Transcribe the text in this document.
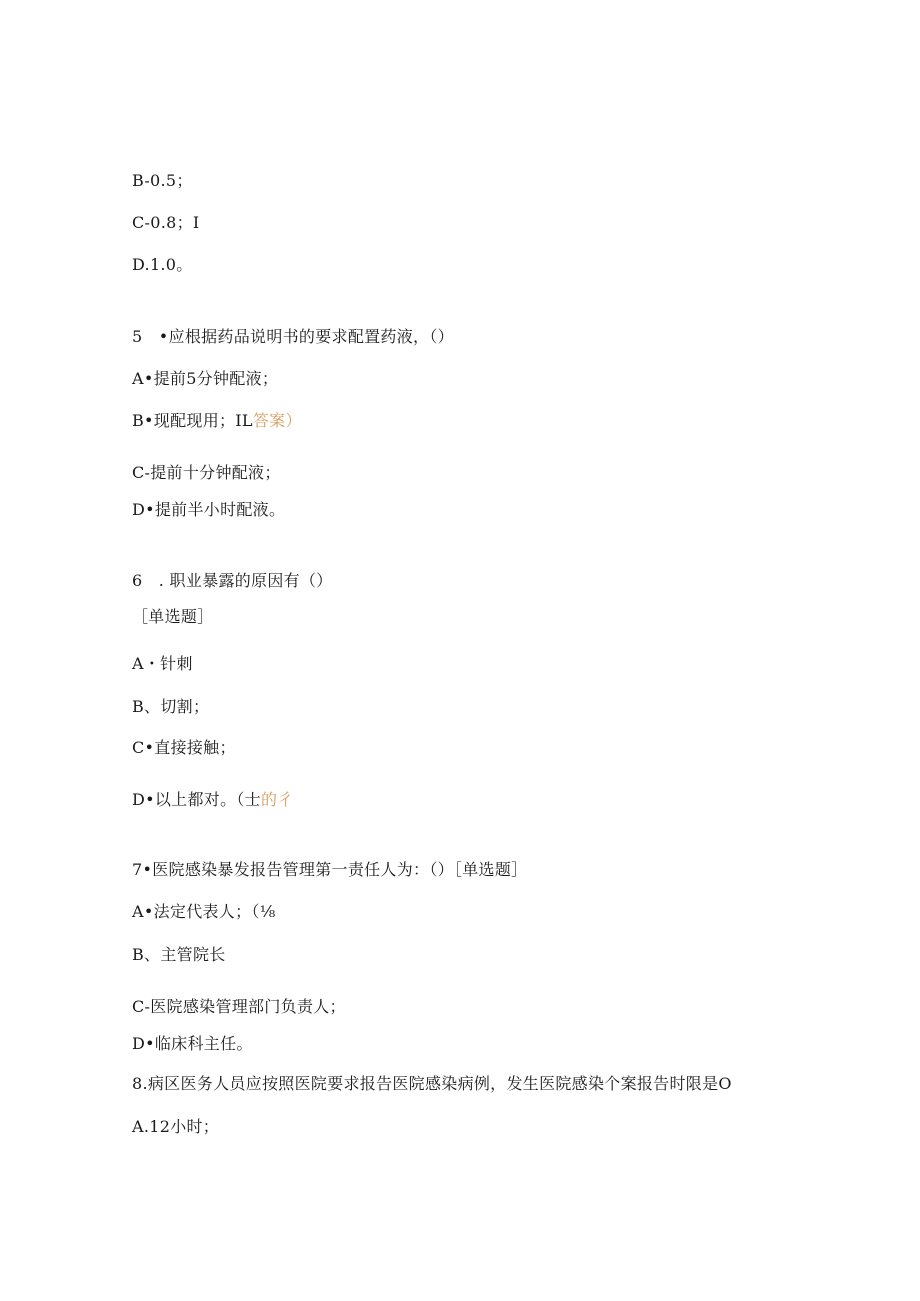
B-0.5；
C-0.8；I
D.1.0。
5　•应根据药品说明书的要求配置药液，（）
A•提前5分钟配液；
B•现配现用；IL答案）
C-提前十分钟配液；
D•提前半小时配液。
6　. 职业暴露的原因有（）
［单选题］
A・针刺
B、切割；
C•直接接触；
D•以上都对。（士的彳
7•医院感染暴发报告管理第一责任人为：（）［单选题］
A•法定代表人；（⅛
B、主管院长
C-医院感染管理部门负责人；
D•临床科主任。
8.病区医务人员应按照医院要求报告医院感染病例，发生医院感染个案报告时限是O
A.12小时；
